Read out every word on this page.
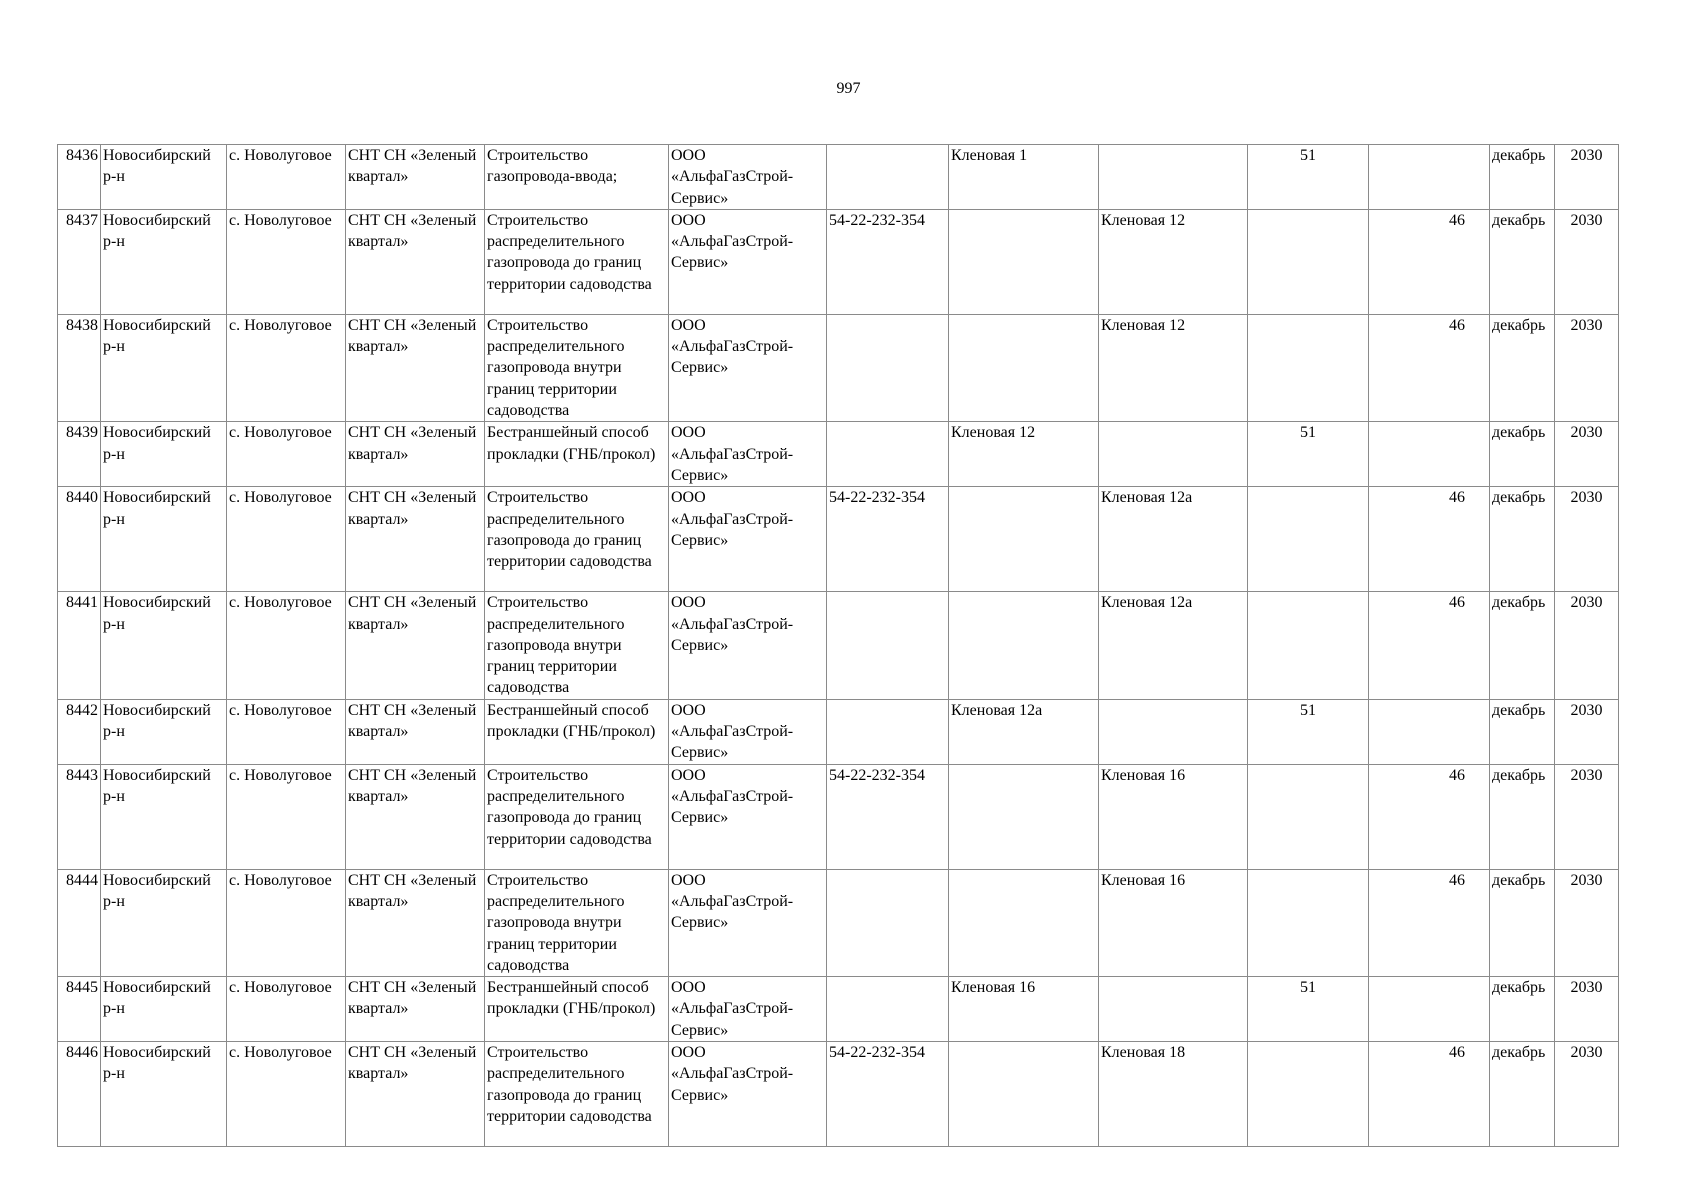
997
8436	Новосибирский р-н	с. Новолуговое	СНТ СН «Зеленый квартал»	Строительство газопровода-ввода;	ООО «АльфаГазСтрой-Сервис»		Кленовая 1		51		декабрь	2030
8437	Новосибирский р-н	с. Новолуговое	СНТ СН «Зеленый квартал»	Строительство распределительного газопровода до границ территории садоводства	ООО «АльфаГазСтрой-Сервис»	54-22-232-354		Кленовая 12		46	декабрь	2030
8438	Новосибирский р-н	с. Новолуговое	СНТ СН «Зеленый квартал»	Строительство распределительного газопровода внутри границ территории садоводства	ООО «АльфаГазСтрой-Сервис»			Кленовая 12		46	декабрь	2030
8439	Новосибирский р-н	с. Новолуговое	СНТ СН «Зеленый квартал»	Бестраншейный способ прокладки (ГНБ/прокол)	ООО «АльфаГазСтрой-Сервис»		Кленовая 12		51		декабрь	2030
8440	Новосибирский р-н	с. Новолуговое	СНТ СН «Зеленый квартал»	Строительство распределительного газопровода до границ территории садоводства	ООО «АльфаГазСтрой-Сервис»	54-22-232-354		Кленовая 12а		46	декабрь	2030
8441	Новосибирский р-н	с. Новолуговое	СНТ СН «Зеленый квартал»	Строительство распределительного газопровода внутри границ территории садоводства	ООО «АльфаГазСтрой-Сервис»			Кленовая 12а		46	декабрь	2030
8442	Новосибирский р-н	с. Новолуговое	СНТ СН «Зеленый квартал»	Бестраншейный способ прокладки (ГНБ/прокол)	ООО «АльфаГазСтрой-Сервис»		Кленовая 12а		51		декабрь	2030
8443	Новосибирский р-н	с. Новолуговое	СНТ СН «Зеленый квартал»	Строительство распределительного газопровода до границ территории садоводства	ООО «АльфаГазСтрой-Сервис»	54-22-232-354		Кленовая 16		46	декабрь	2030
8444	Новосибирский р-н	с. Новолуговое	СНТ СН «Зеленый квартал»	Строительство распределительного газопровода внутри границ территории садоводства	ООО «АльфаГазСтрой-Сервис»			Кленовая 16		46	декабрь	2030
8445	Новосибирский р-н	с. Новолуговое	СНТ СН «Зеленый квартал»	Бестраншейный способ прокладки (ГНБ/прокол)	ООО «АльфаГазСтрой-Сервис»		Кленовая 16		51		декабрь	2030
8446	Новосибирский р-н	с. Новолуговое	СНТ СН «Зеленый квартал»	Строительство распределительного газопровода до границ территории садоводства	ООО «АльфаГазСтрой-Сервис»	54-22-232-354		Кленовая 18		46	декабрь	2030
